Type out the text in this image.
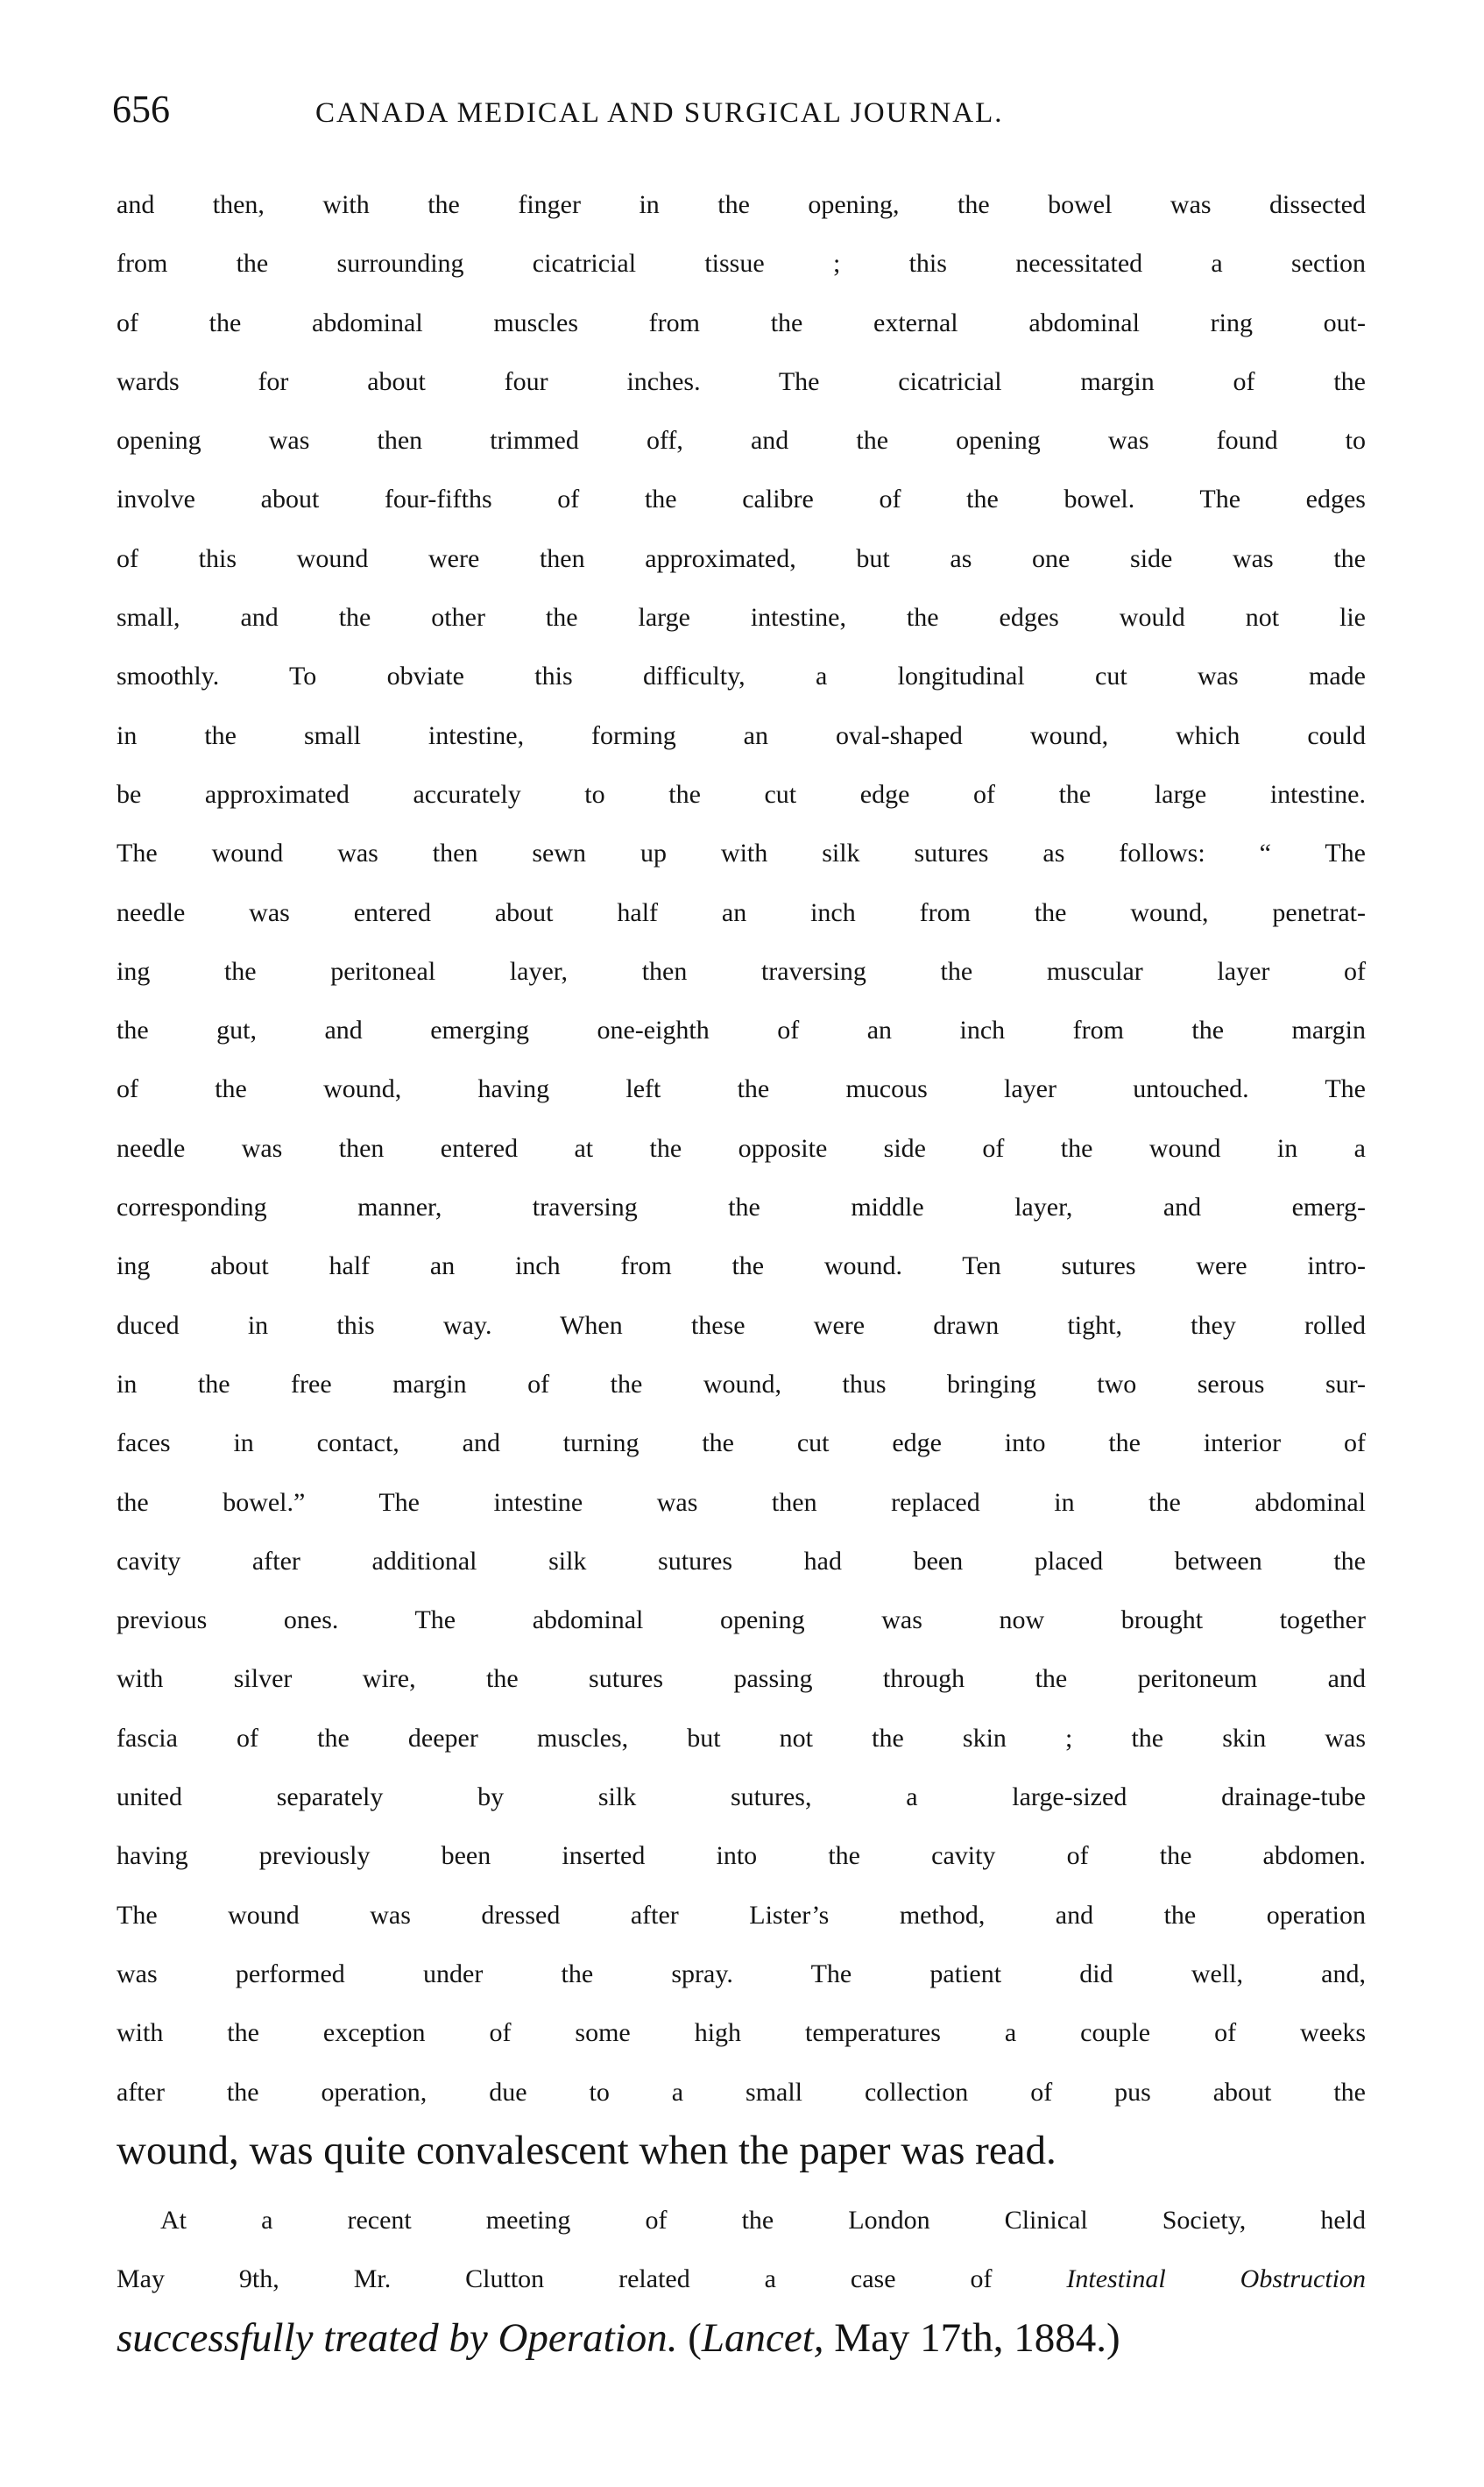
656	CANADA MEDICAL AND SURGICAL JOURNAL.
and then, with the finger in the opening, the bowel was dissected
from the surrounding cicatricial tissue ; this necessitated a section
of the abdominal muscles from the external abdominal ring out-
wards for about four inches. The cicatricial margin of the
opening was then trimmed off, and the opening was found to
involve about four-fifths of the calibre of the bowel. The edges
of this wound were then approximated, but as one side was the
small, and the other the large intestine, the edges would not lie
smoothly. To obviate this difficulty, a longitudinal cut was made
in the small intestine, forming an oval-shaped wound, which could
be approximated accurately to the cut edge of the large intestine.
The wound was then sewn up with silk sutures as follows: “ The
needle was entered about half an inch from the wound, penetrat-
ing the peritoneal layer, then traversing the muscular layer of
the gut, and emerging one-eighth of an inch from the margin
of the wound, having left the mucous layer untouched. The
needle was then entered at the opposite side of the wound in a
corresponding manner, traversing the middle layer, and emerg-
ing about half an inch from the wound. Ten sutures were intro-
duced in this way. When these were drawn tight, they rolled
in the free margin of the wound, thus bringing two serous sur-
faces in contact, and turning the cut edge into the interior of
the bowel.” The intestine was then replaced in the abdominal
cavity after additional silk sutures had been placed between the
previous ones. The abdominal opening was now brought together
with silver wire, the sutures passing through the peritoneum and
fascia of the deeper muscles, but not the skin ; the skin was
united separately by silk sutures, a large-sized drainage-tube
having previously been inserted into the cavity of the abdomen.
The wound was dressed after Lister’s method, and the operation
was performed under the spray. The patient did well, and,
with the exception of some high temperatures a couple of weeks
after the operation, due to a small collection of pus about the
wound, was quite convalescent when the paper was read.
At a recent meeting of the London Clinical Society, held
May 9th, Mr. Clutton related a case of Intestinal Obstruction
successfully treated by Operation. (Lancet, May 17th, 1884.)
